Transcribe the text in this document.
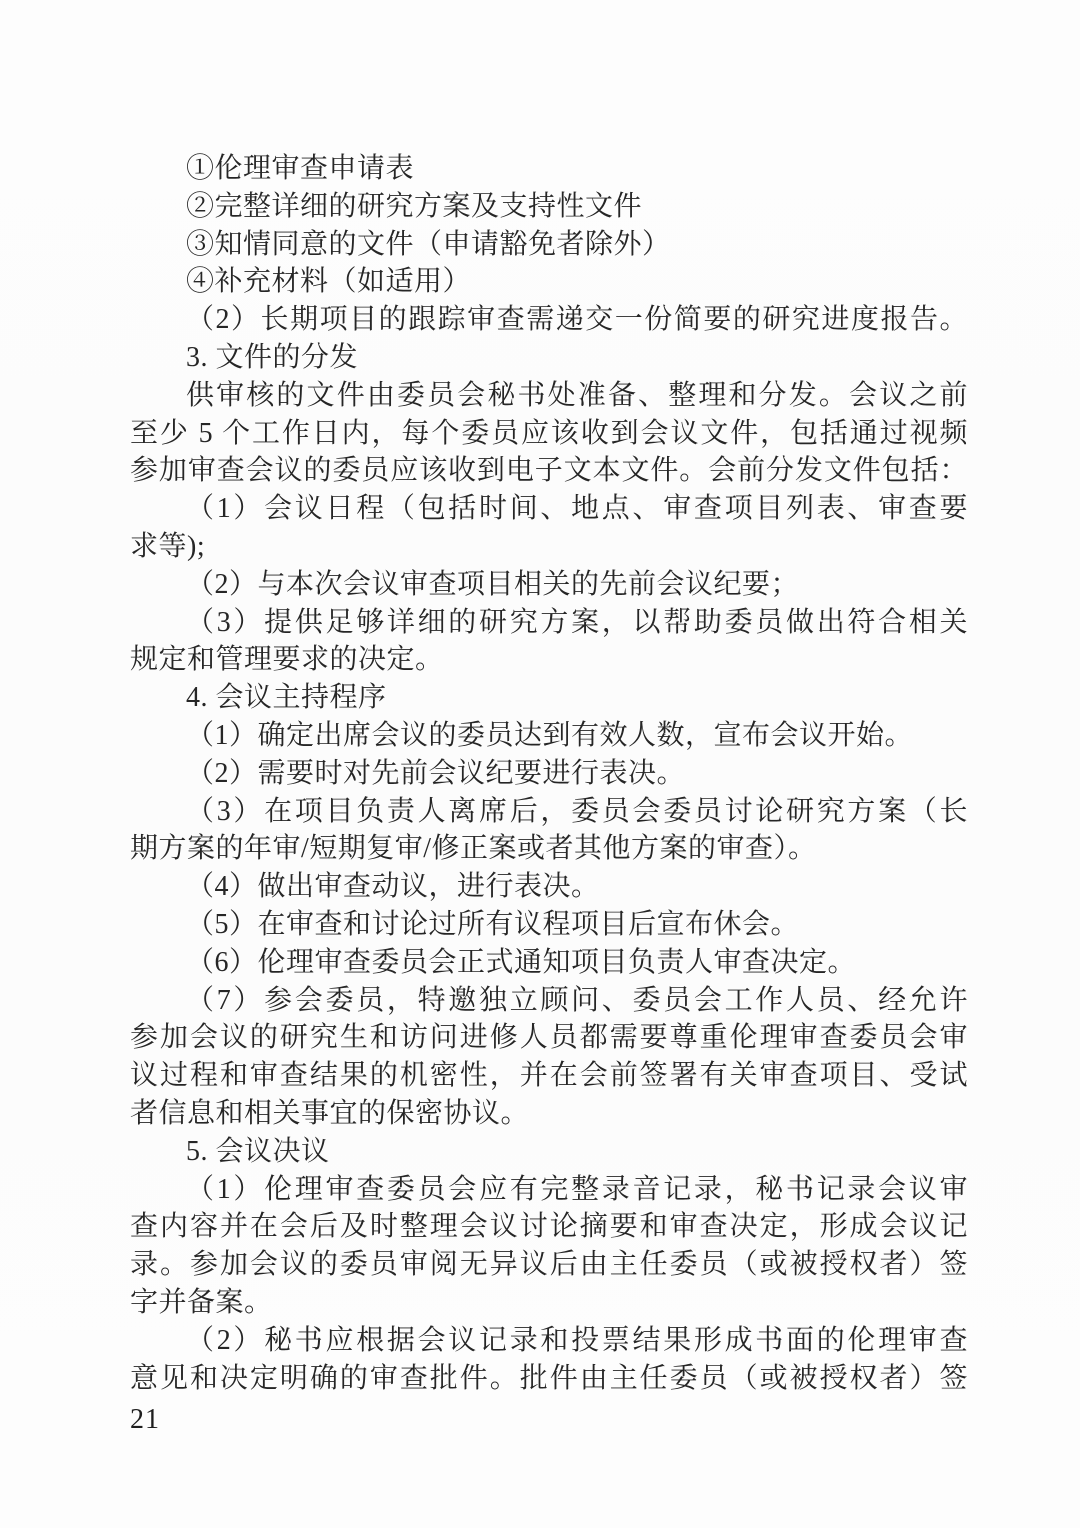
①伦理审查申请表
②完整详细的研究方案及支持性文件
③知情同意的文件（申请豁免者除外）
④补充材料（如适用）
（2）长期项目的跟踪审查需递交一份简要的研究进度报告。
3. 文件的分发
供审核的文件由委员会秘书处准备、整理和分发。会议之前
至少 5 个工作日内，每个委员应该收到会议文件，包括通过视频
参加审查会议的委员应该收到电子文本文件。会前分发文件包括：
（1）会议日程（包括时间、地点、审查项目列表、审查要
求等);
（2）与本次会议审查项目相关的先前会议纪要；
（3）提供足够详细的研究方案，以帮助委员做出符合相关
规定和管理要求的决定。
4. 会议主持程序
（1）确定出席会议的委员达到有效人数，宣布会议开始。
（2）需要时对先前会议纪要进行表决。
（3）在项目负责人离席后，委员会委员讨论研究方案（长
期方案的年审/短期复审/修正案或者其他方案的审查）。
（4）做出审查动议，进行表决。
（5）在审查和讨论过所有议程项目后宣布休会。
（6）伦理审查委员会正式通知项目负责人审查决定。
（7）参会委员，特邀独立顾问、委员会工作人员、经允许
参加会议的研究生和访问进修人员都需要尊重伦理审查委员会审
议过程和审查结果的机密性，并在会前签署有关审查项目、受试
者信息和相关事宜的保密协议。
5. 会议决议
（1）伦理审查委员会应有完整录音记录，秘书记录会议审
查内容并在会后及时整理会议讨论摘要和审查决定，形成会议记
录。参加会议的委员审阅无异议后由主任委员（或被授权者）签
字并备案。
（2）秘书应根据会议记录和投票结果形成书面的伦理审查
意见和决定明确的审查批件。批件由主任委员（或被授权者）签
21
